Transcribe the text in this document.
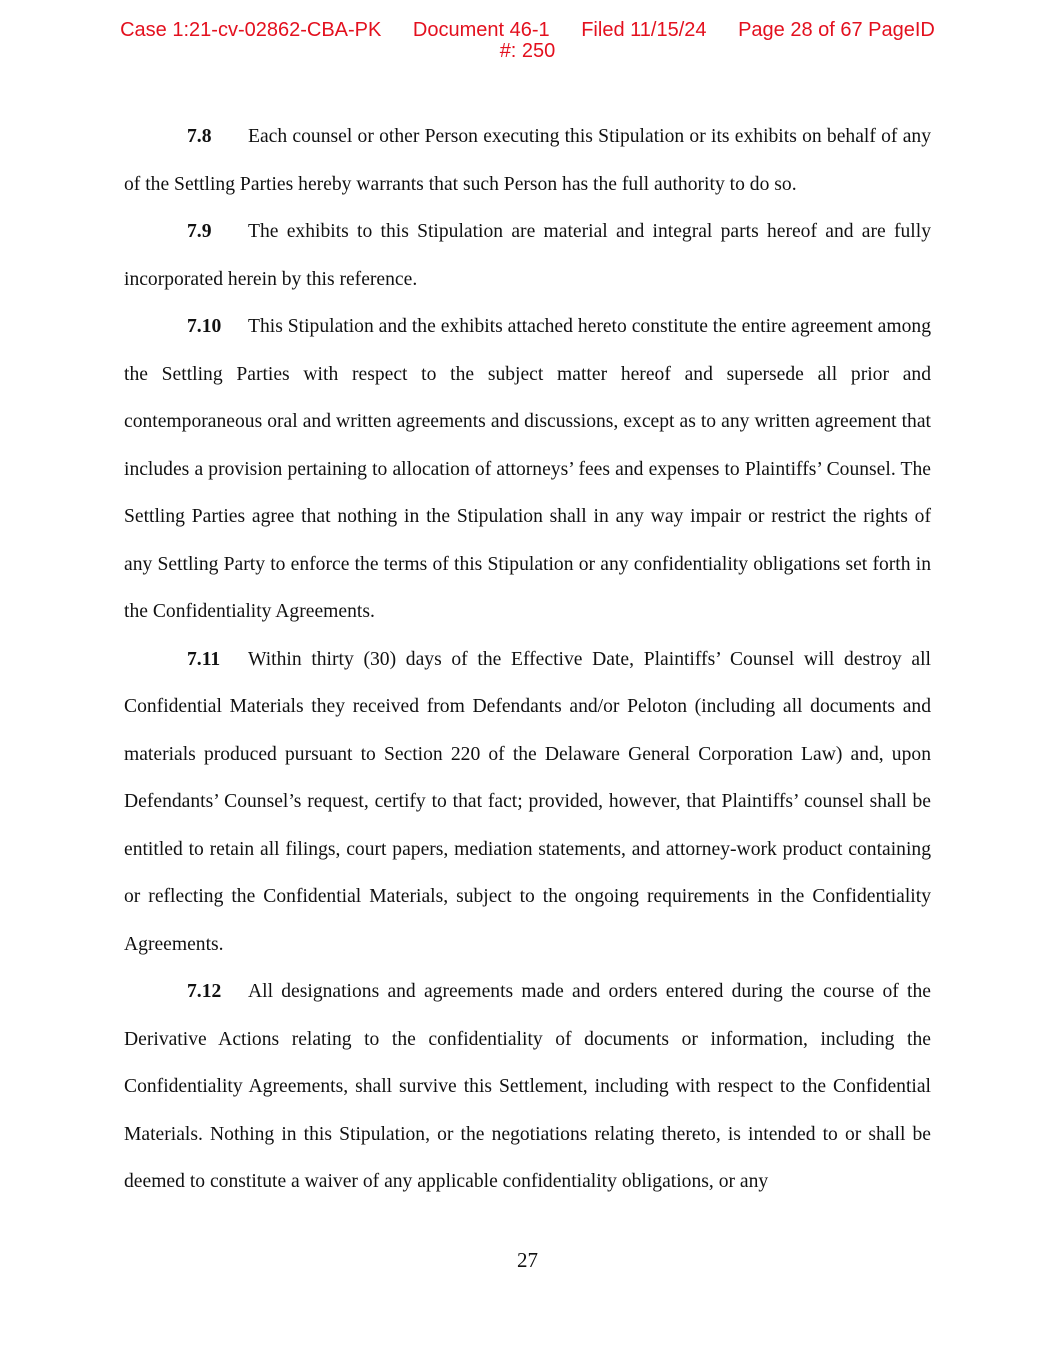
Case 1:21-cv-02862-CBA-PK Document 46-1 Filed 11/15/24 Page 28 of 67 PageID
#: 250

7.8 Each counsel or other Person executing this Stipulation or its exhibits on behalf of any of the Settling Parties hereby warrants that such Person has the full authority to do so.

7.9 The exhibits to this Stipulation are material and integral parts hereof and are fully incorporated herein by this reference.

7.10 This Stipulation and the exhibits attached hereto constitute the entire agreement among the Settling Parties with respect to the subject matter hereof and supersede all prior and contemporaneous oral and written agreements and discussions, except as to any written agreement that includes a provision pertaining to allocation of attorneys’ fees and expenses to Plaintiffs’ Counsel. The Settling Parties agree that nothing in the Stipulation shall in any way impair or restrict the rights of any Settling Party to enforce the terms of this Stipulation or any confidentiality obligations set forth in the Confidentiality Agreements.

7.11 Within thirty (30) days of the Effective Date, Plaintiffs’ Counsel will destroy all Confidential Materials they received from Defendants and/or Peloton (including all documents and materials produced pursuant to Section 220 of the Delaware General Corporation Law) and, upon Defendants’ Counsel’s request, certify to that fact; provided, however, that Plaintiffs’ counsel shall be entitled to retain all filings, court papers, mediation statements, and attorney-work product containing or reflecting the Confidential Materials, subject to the ongoing requirements in the Confidentiality Agreements.

7.12 All designations and agreements made and orders entered during the course of the Derivative Actions relating to the confidentiality of documents or information, including the Confidentiality Agreements, shall survive this Settlement, including with respect to the Confidential Materials. Nothing in this Stipulation, or the negotiations relating thereto, is intended to or shall be deemed to constitute a waiver of any applicable confidentiality obligations, or any

27
